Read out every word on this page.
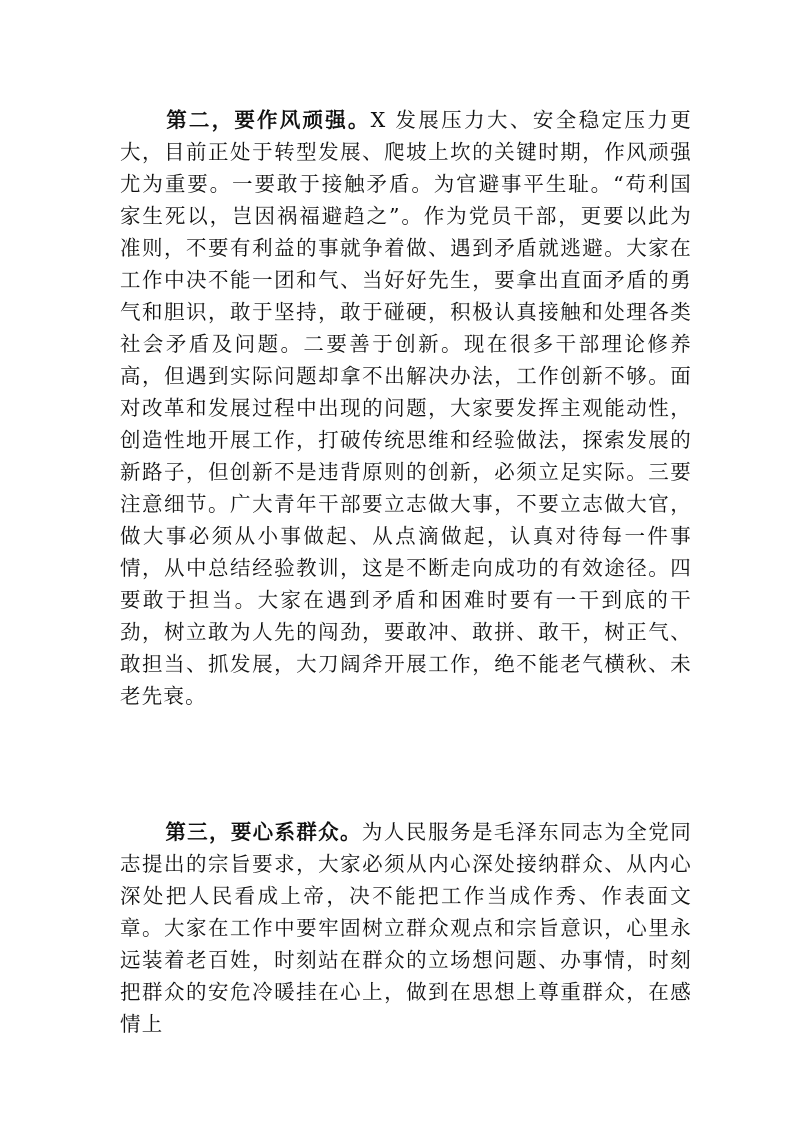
第二，要作风顽强。X 发展压力大、安全稳定压力更大，目前正处于转型发展、爬坡上坎的关键时期，作风顽强尤为重要。一要敢于接触矛盾。为官避事平生耻。“苟利国家生死以，岂因祸福避趋之”。作为党员干部，更要以此为准则，不要有利益的事就争着做、遇到矛盾就逃避。大家在工作中决不能一团和气、当好好先生，要拿出直面矛盾的勇气和胆识，敢于坚持，敢于碰硬，积极认真接触和处理各类社会矛盾及问题。二要善于创新。现在很多干部理论修养高，但遇到实际问题却拿不出解决办法，工作创新不够。面对改革和发展过程中出现的问题，大家要发挥主观能动性，创造性地开展工作，打破传统思维和经验做法，探索发展的新路子，但创新不是违背原则的创新，必须立足实际。三要注意细节。广大青年干部要立志做大事，不要立志做大官，做大事必须从小事做起、从点滴做起，认真对待每一件事情，从中总结经验教训，这是不断走向成功的有效途径。四要敢于担当。大家在遇到矛盾和困难时要有一干到底的干劲，树立敢为人先的闯劲，要敢冲、敢拼、敢干，树正气、敢担当、抓发展，大刀阔斧开展工作，绝不能老气横秋、未老先衰。

第三，要心系群众。为人民服务是毛泽东同志为全党同志提出的宗旨要求，大家必须从内心深处接纳群众、从内心深处把人民看成上帝，决不能把工作当成作秀、作表面文章。大家在工作中要牢固树立群众观点和宗旨意识，心里永远装着老百姓，时刻站在群众的立场想问题、办事情，时刻把群众的安危冷暖挂在心上，做到在思想上尊重群众，在感情上
